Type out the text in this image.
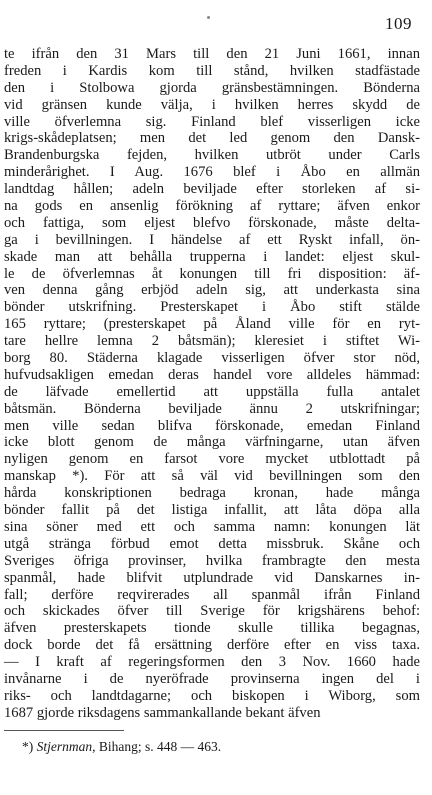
109
te ifrån den 31 Mars till den 21 Juni 1661, innan
freden i Kardis kom till stånd, hvilken stadfästade
den i Stolbowa gjorda gränsbestämningen. Bönderna
vid gränsen kunde välja, i hvilken herres skydd de
ville öfverlemna sig. Finland blef visserligen icke
krigs-skådeplatsen; men det led genom den Dansk-
Brandenburgska fejden, hvilken utbröt under Carls
minderårighet. I Aug. 1676 blef i Åbo en allmän
landtdag hållen; adeln beviljade efter storleken af si-
na gods en ansenlig förökning af ryttare; äfven enkor
och fattiga, som eljest blefvo förskonade, måste delta-
ga i bevillningen. I händelse af ett Ryskt infall, ön-
skade man att behålla trupperna i landet: eljest skul-
le de öfverlemnas åt konungen till fri disposition: äf-
ven denna gång erbjöd adeln sig, att underkasta sina
bönder utskrifning. Presterskapet i Åbo stift stälde
165 ryttare; (presterskapet på Åland ville för en ryt-
tare hellre lemna 2 båtsmän); kleresiet i stiftet Wi-
borg 80. Städerna klagade visserligen öfver stor nöd,
hufvudsakligen emedan deras handel vore alldeles hämmad:
de läfvade emellertid att uppställa fulla antalet
båtsmän. Bönderna beviljade ännu 2 utskrifningar;
men ville sedan blifva förskonade, emedan Finland
icke blott genom de många värfningarne, utan äfven
nyligen genom en farsot vore mycket utblottadt på
manskap *). För att så väl vid bevillningen som den
hårda konskriptionen bedraga kronan, hade många
bönder fallit på det listiga infallit, att låta döpa alla
sina söner med ett och samma namn: konungen lät
utgå stränga förbud emot detta missbruk. Skåne och
Sveriges öfriga provinser, hvilka frambragte den mesta
spanmål, hade blifvit utplundrade vid Danskarnes in-
fall; derföre reqvirerades all spanmål ifrån Finland
och skickades öfver till Sverige för krigshärens behof:
äfven presterskapets tionde skulle tillika begagnas,
dock borde det få ersättning derföre efter en viss taxa.
— I kraft af regeringsformen den 3 Nov. 1660 hade
invånarne i de nyeröfrade provinserna ingen del i
riks- och landtdagarne; och biskopen i Wiborg, som
1687 gjorde riksdagens sammankallande bekant äfven
*) Stjernman, Bihang; s. 448 — 463.
